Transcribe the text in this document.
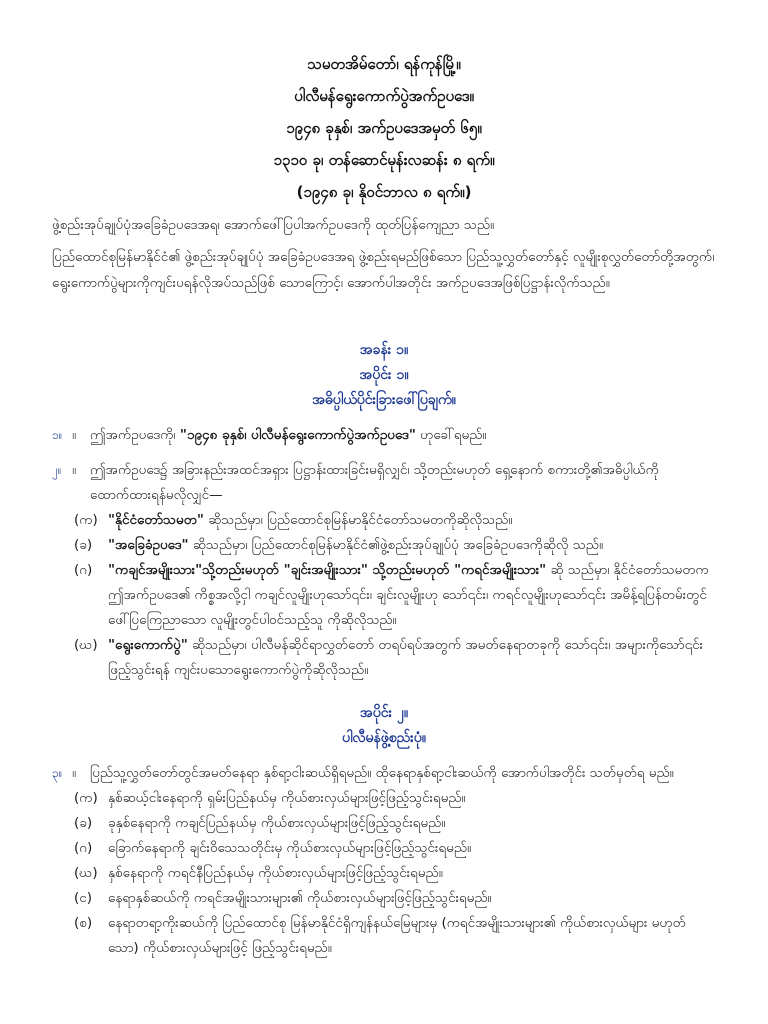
သမတအိမ်တော်၊ ရန်ကုန်မြို့။
ပါလီမန်ရွေးကောက်ပွဲအက်ဥပဒေ။
၁၉၄၈ ခုနှစ်၊ အက်ဥပဒေအမှတ် ၆၅။
၁၃၁၀ ခု၊ တန်ဆောင်မုန်းလဆန်း ၈ ရက်။
(၁၉၄၈ ခု၊ နိုဝင်ဘာလ ၈ ရက်။)

ဖွဲ့စည်းအုပ်ချုပ်ပုံအခြေခံဥပဒေအရ၊ အောက်ဖေါ်ပြပါအက်ဥပဒေကို ထုတ်ပြန်ကျေညာ သည်။

ပြည်ထောင်စုမြန်မာနိုင်ငံ၏ ဖွဲ့စည်းအုပ်ချုပ်ပုံ အခြေခံဥပဒေအရ ဖွဲ့စည်းရမည်ဖြစ်သော ပြည်သူ့လွှတ်တော်နှင့် လူမျိုးစုလွှတ်တော်တို့အတွက်၊ ရွေးကောက်ပွဲများကိုကျင်းပရန်လိုအပ်သည်ဖြစ် သောကြောင့်၊ အောက်ပါအတိုင်း အက်ဥပဒေအဖြစ်ပြဋ္ဌာန်းလိုက်သည်။

အခန်း ၁။
အပိုင်း ၁။
အဓိပ္ပါယ်ပိုင်းခြားဖေါ်ပြချက်။
၁။ ။	ဤအက်ဥပဒေကို၊ "၁၉၄၈ ခုနှစ်၊ ပါလီမန်ရွေးကောက်ပွဲအက်ဥပဒေ" ဟုခေါ်ရမည်။
၂။ ။	ဤအက်ဥပဒေ၌ အခြားနည်းအထင်အရှား ပြဋ္ဌာန်းထားခြင်းမရှိလျှင်၊ သို့တည်းမဟုတ် ရှေ့နောက် စကားတို့၏အဓိပ္ပါယ်ကို ထောက်ထားရန်မလိုလျှင်—
(က) "နိုင်ငံတော်သမတ" ဆိုသည်မှာ၊ ပြည်ထောင်စုမြန်မာနိုင်ငံတော်သမတကိုဆိုလိုသည်။
(ခ)	"အခြေခံဥပဒေ" ဆိုသည်မှာ၊ ပြည်ထောင်စုမြန်မာနိုင်ငံ၏ဖွဲ့စည်းအုပ်ချုပ်ပုံ အခြေခံဥပဒေကိုဆိုလို သည်။
(ဂ)	"ကချင်အမျိုးသား"သို့တည်းမဟုတ် "ချင်းအမျိုးသား" သို့တည်းမဟုတ် "ကရင်အမျိုးသား" ဆို သည်မှာ၊ နိုင်ငံတော်သမတကဤအက်ဥပဒေ၏ ကိစ္စအလို့ငှါ ကချင်လူမျိုးဟုသော်၎င်း၊ ချင်းလူမျိုးဟု သော်၎င်း၊ ကရင်လူမျိုးဟုသော်၎င်း အမိန့်ရပြန်တမ်းတွင်ဖေါ်ပြကြေညာသော လူမျိုးတွင်ပါဝင်သည့်သူ ကိုဆိုလိုသည်။
(ဃ) "ရွေးကောက်ပွဲ" ဆိုသည်မှာ၊ ပါလီမန်ဆိုင်ရာလွှတ်တော် တရပ်ရပ်အတွက် အမတ်နေရာတခုကို သော်၎င်း၊ အများကိုသော်၎င်း ဖြည့်သွင်းရန် ကျင်းပသောရွေးကောက်ပွဲကိုဆိုလိုသည်။
အပိုင်း ၂။
ပါလီမန်ဖွဲ့စည်းပုံ။
၃။ ။	ပြည်သူ့လွှတ်တော်တွင်အမတ်နေရာ နှစ်ရာ့ငါးဆယ်ရှိရမည်။ ထိုနေရာနှစ်ရာ့ငါးဆယ်ကို အောက်ပါအတိုင်း သတ်မှတ်ရ မည်။
(က) နှစ်ဆယ့်ငါးနေရာကို ရှမ်းပြည်နယ်မှ ကိုယ်စားလှယ်များဖြင့်ဖြည့်သွင်းရမည်။
(ခ)	ခုနှစ်နေရာကို ကချင်ပြည်နယ်မှ ကိုယ်စားလှယ်များဖြင့်ဖြည့်သွင်းရမည်။
(ဂ)	ခြောက်နေရာကို ချင်းဝိသေသတိုင်းမှ ကိုယ်စားလှယ်များဖြင့်ဖြည့်သွင်းရမည်။
(ဃ) နှစ်နေရာကို ကရင်နီပြည်နယ်မှ ကိုယ်စားလှယ်များဖြင့်ဖြည့်သွင်းရမည်။
(င)	နေရာနှစ်ဆယ်ကို ကရင်အမျိုးသားများ၏ ကိုယ်စားလှယ်များဖြင့်ဖြည့်သွင်းရမည်။
(စ)	နေရာတရာ့ကိုးဆယ်ကို ပြည်ထောင်စု မြန်မာနိုင်ငံရှိကျန်နယ်မြေများမှ (ကရင်အမျိုးသားများ၏ ကိုယ်စားလှယ်များ မဟုတ်သော) ကိုယ်စားလှယ်များဖြင့် ဖြည့်သွင်းရမည်။
